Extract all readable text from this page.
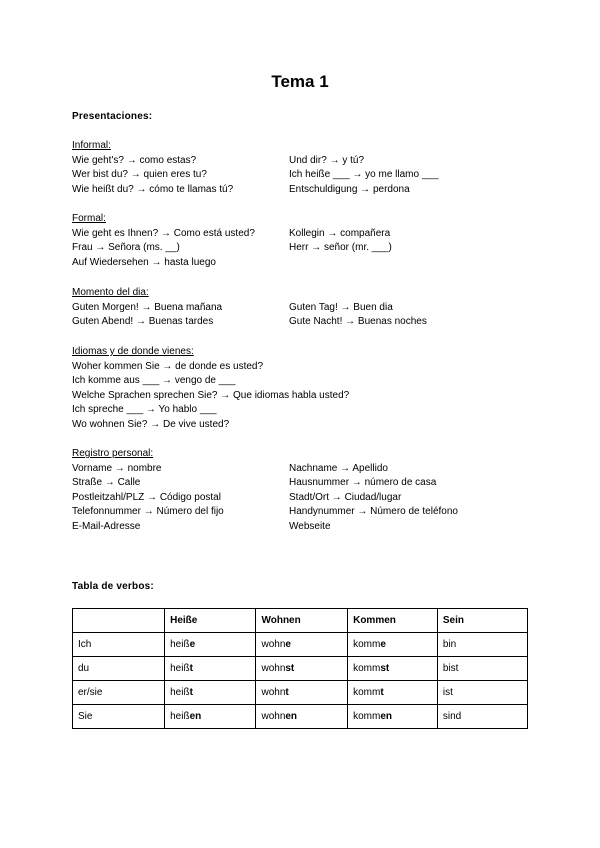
Tema 1

Presentaciones:

Informal:
Wie geht's? → como estas?	Und dir? → y tú?
Wer bist du? → quien eres tu?	Ich heiße ___ → yo me llamo ___
Wie heißt du? → cómo te llamas tú?	Entschuldigung → perdona
Formal:
Wie geht es Ihnen? → Como está usted?	Kollegin → compañera
Frau → Señora (ms. __)	Herr → señor (mr. ___)
Auf Wiedersehen → hasta luego
Momento del dia:
Guten Morgen! → Buena mañana	Guten Tag! → Buen dia
Guten Abend! → Buenas tardes	Gute Nacht! → Buenas noches
Idiomas y de donde vienes:
Woher kommen Sie → de donde es usted?
Ich komme aus ___ → vengo de ___
Welche Sprachen sprechen Sie? → Que idiomas habla usted?
Ich spreche ___ → Yo hablo ___
Wo wohnen Sie? → De vive usted?
Registro personal:
Vorname → nombre	Nachname → Apellido
Straße → Calle	Hausnummer → número de casa
Postleitzahl/PLZ → Código postal	Stadt/Ort → Ciudad/lugar
Telefonnummer → Número del fijo	Handynummer → Número de teléfono
E-Mail-Adresse	Webseite

Tabla de verbos:

	Heiße	Wohnen	Kommen	Sein
Ich	heiße	wohne	komme	bin
du	heißt	wohnst	kommst	bist
er/sie	heißt	wohnt	kommt	ist
Sie	heißen	wohnen	kommen	sind
